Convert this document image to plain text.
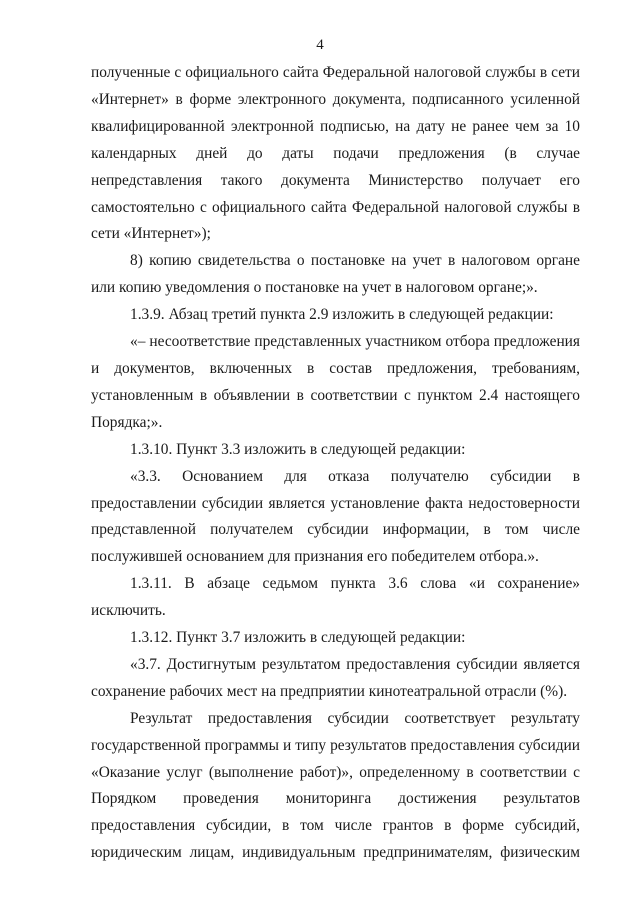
4

полученные с официального сайта Федеральной налоговой службы в сети «Интернет» в форме электронного документа, подписанного усиленной квалифицированной электронной подписью, на дату не ранее чем за 10 календарных дней до даты подачи предложения (в случае непредставления такого документа Министерство получает его самостоятельно с официального сайта Федеральной налоговой службы в сети «Интернет»);

8) копию свидетельства о постановке на учет в налоговом органе или копию уведомления о постановке на учет в налоговом органе;».

1.3.9. Абзац третий пункта 2.9 изложить в следующей редакции:

«– несоответствие представленных участником отбора предложения и документов, включенных в состав предложения, требованиям, установленным в объявлении в соответствии с пунктом 2.4 настоящего Порядка;».

1.3.10. Пункт 3.3 изложить в следующей редакции:

«3.3. Основанием для отказа получателю субсидии в предоставлении субсидии является установление факта недостоверности представленной получателем субсидии информации, в том числе послужившей основанием для признания его победителем отбора.».

1.3.11. В абзаце седьмом пункта 3.6 слова «и сохранение» исключить.

1.3.12. Пункт 3.7 изложить в следующей редакции:

«3.7. Достигнутым результатом предоставления субсидии является сохранение рабочих мест на предприятии кинотеатральной отрасли (%).

Результат предоставления субсидии соответствует результату государственной программы и типу результатов предоставления субсидии «Оказание услуг (выполнение работ)», определенному в соответствии с Порядком проведения мониторинга достижения результатов предоставления субсидии, в том числе грантов в форме субсидий, юридическим лицам, индивидуальным предпринимателям, физическим
